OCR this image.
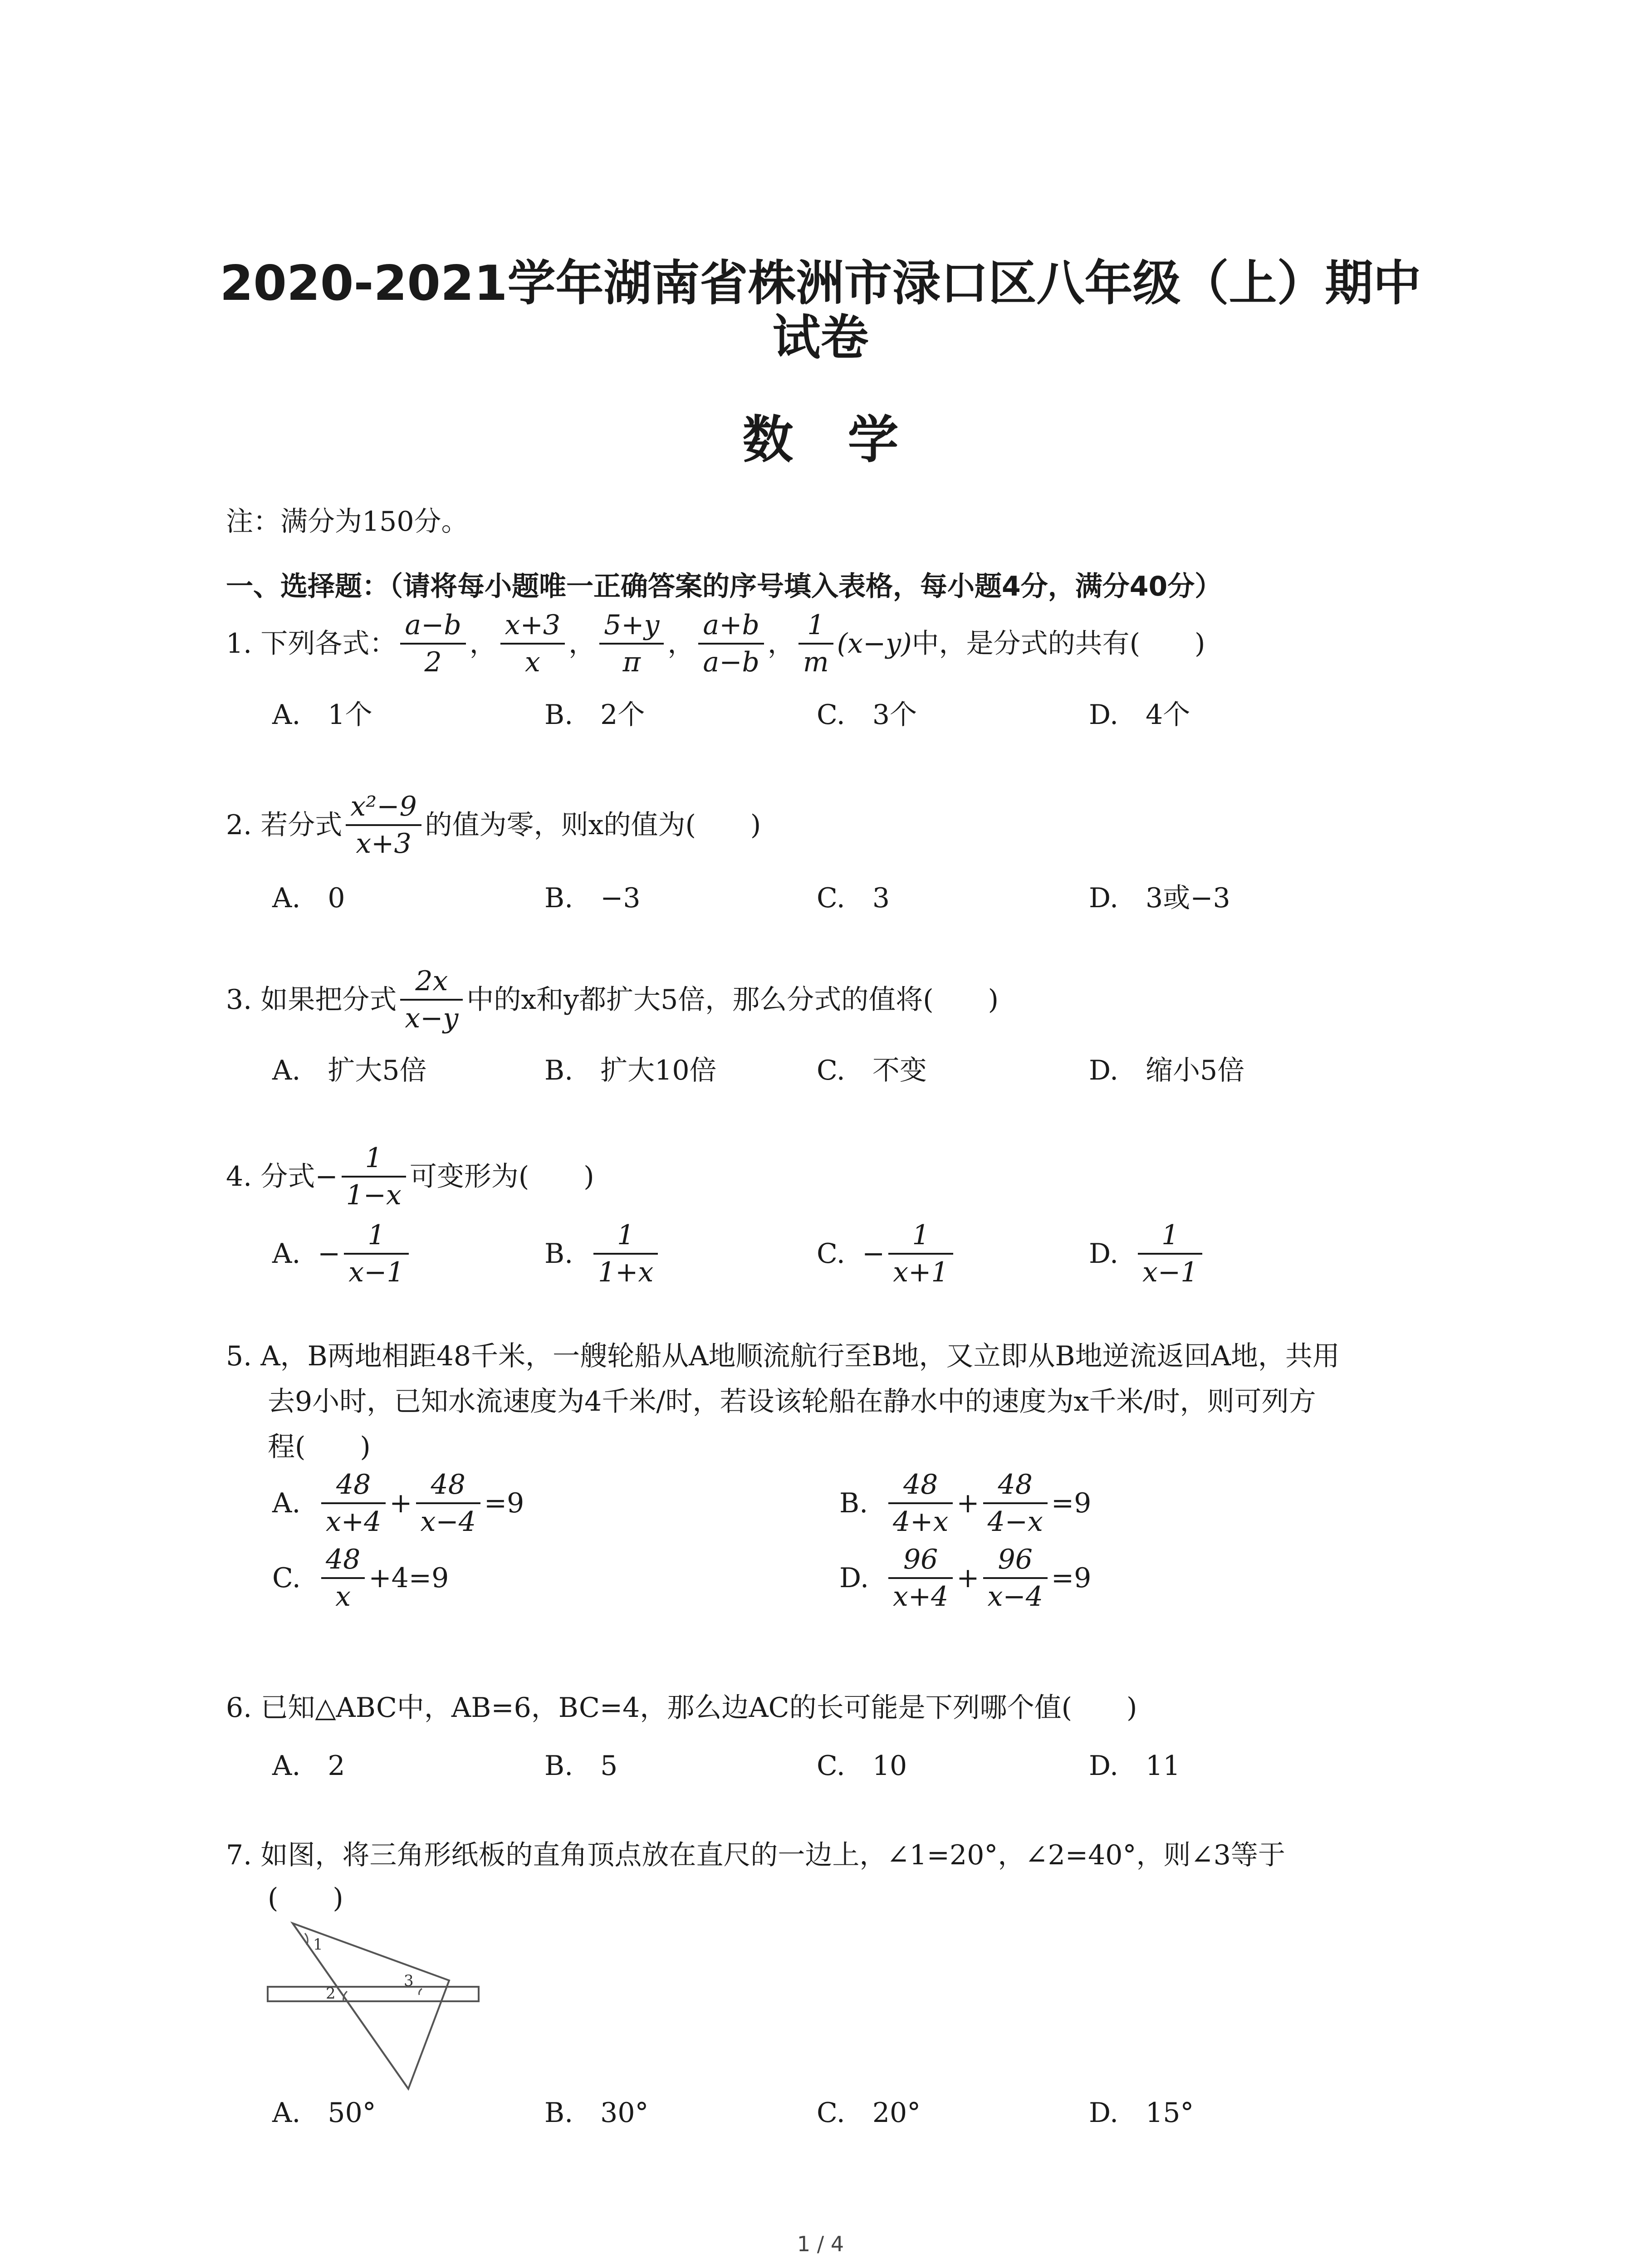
2020-2021学年湖南省株洲市渌口区八年级（上）期中
试卷
数学
注：满分为150分。
一、选择题：（请将每小题唯一正确答案的序号填入表格，每小题4分，满分40分）
1. 下列各式： $\frac{a-b}{2}$ ， $\frac{x+3}{x}$ ， $\frac{5+y}{\pi}$ ， $\frac{a+b}{a-b}$ ， $\frac{1}{m} (x-y)$ 中，是分式的共有(　　)
A.　1个	B.　2个	C.　3个	D.　4个
2. 若分式 $\frac{\text{x²−9}}{x+3}$ 的值为零，则x的值为(　　)
A.　0	B.　−3	C.　3	D.　3或−3
3. 如果把分式 $\frac{2x}{x-y}$ 中的x和y都扩大5倍，那么分式的值将(　　)
A.　扩大5倍	B.　扩大10倍	C.　不变	D.　缩小5倍
4. 分式− $\frac{1}{1-x}$ 可变形为(　　)
A. − $\frac{1}{x-1}$	B. $\frac{1}{1+x}$	C. − $\frac{1}{x+1}$	D. $\frac{1}{x-1}$
5. A，B两地相距48千米，一艘轮船从A地顺流航行至B地，又立即从B地逆流返回A地，共用
去9小时，已知水流速度为4千米/时，若设该轮船在静水中的速度为x千米/时，则可列方
程(　　)
A. $\frac{48}{x+4} + \frac{48}{x-4} =9$	B. $\frac{48}{4+x} + \frac{48}{4-x} =9$
C. $\frac{48}{x} +4=9$	D. $\frac{96}{x+4} + \frac{96}{x-4} =9$
6. 已知△ABC中，AB=6，BC=4，那么边AC的长可能是下列哪个值(　　)
A.　2	B.　5	C.　10	D.　11
7. 如图，将三角形纸板的直角顶点放在直尺的一边上，∠1=20°，∠2=40°，则∠3等于
(　　)
1
2
3
A.　50°	B.　30°	C.　20°	D.　15°
1 / 4
